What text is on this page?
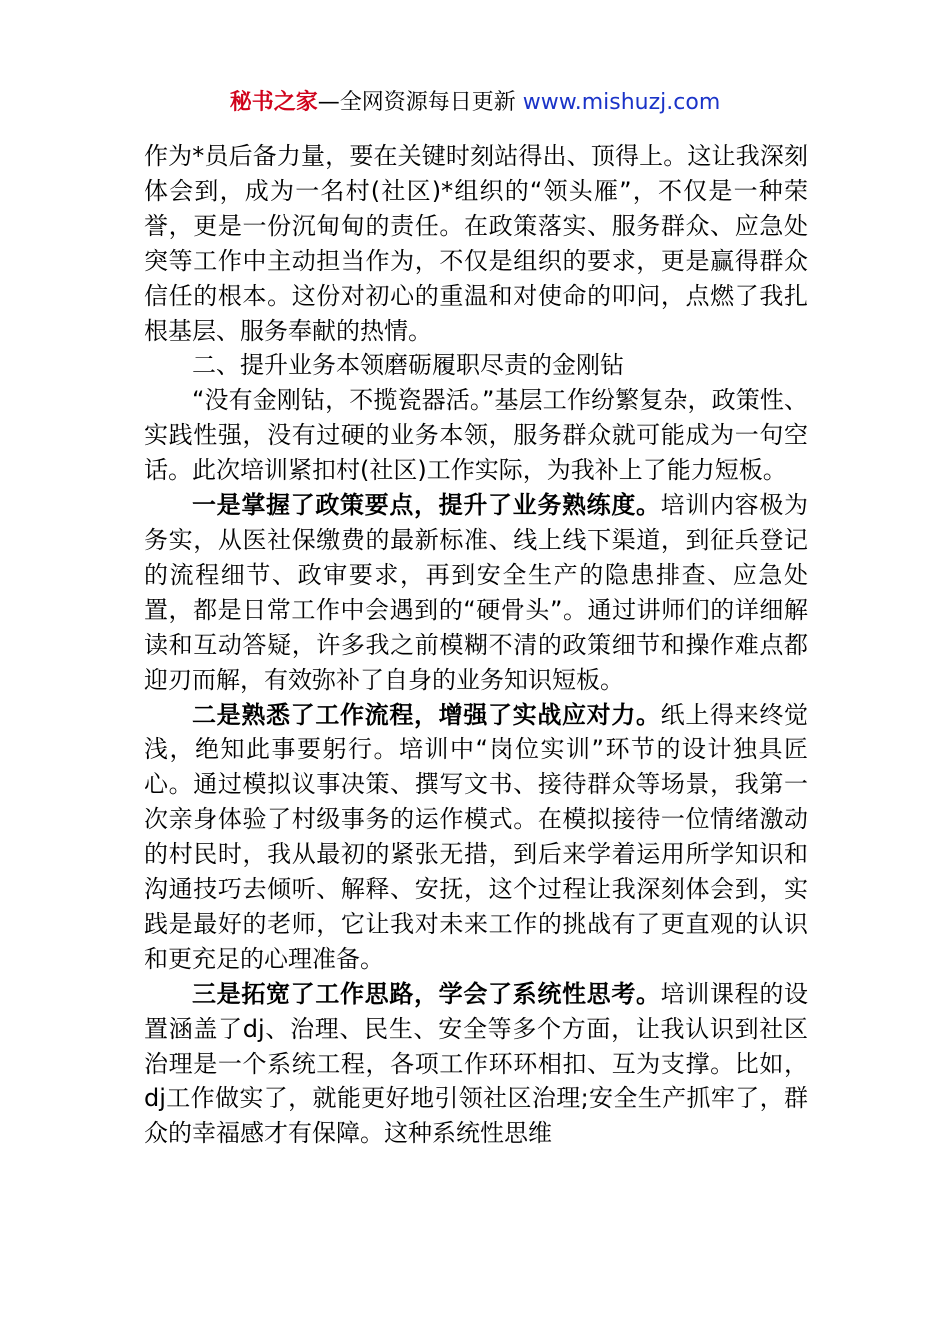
秘书之家—全网资源每日更新 www.mishuzj.com

作为*员后备力量，要在关键时刻站得出、顶得上。这让我深刻体会到，成为一名村(社区)*组织的“领头雁”，不仅是一种荣誉，更是一份沉甸甸的责任。在政策落实、服务群众、应急处突等工作中主动担当作为，不仅是组织的要求，更是赢得群众信任的根本。这份对初心的重温和对使命的叩问，点燃了我扎根基层、服务奉献的热情。

二、提升业务本领磨砺履职尽责的金刚钻

“没有金刚钻，不揽瓷器活。”基层工作纷繁复杂，政策性、实践性强，没有过硬的业务本领，服务群众就可能成为一句空话。此次培训紧扣村(社区)工作实际，为我补上了能力短板。

一是掌握了政策要点，提升了业务熟练度。培训内容极为务实，从医社保缴费的最新标准、线上线下渠道，到征兵登记的流程细节、政审要求，再到安全生产的隐患排查、应急处置，都是日常工作中会遇到的“硬骨头”。通过讲师们的详细解读和互动答疑，许多我之前模糊不清的政策细节和操作难点都迎刃而解，有效弥补了自身的业务知识短板。

二是熟悉了工作流程，增强了实战应对力。纸上得来终觉浅，绝知此事要躬行。培训中“岗位实训”环节的设计独具匠心。通过模拟议事决策、撰写文书、接待群众等场景，我第一次亲身体验了村级事务的运作模式。在模拟接待一位情绪激动的村民时，我从最初的紧张无措，到后来学着运用所学知识和沟通技巧去倾听、解释、安抚，这个过程让我深刻体会到，实践是最好的老师，它让我对未来工作的挑战有了更直观的认识和更充足的心理准备。

三是拓宽了工作思路，学会了系统性思考。培训课程的设置涵盖了dj、治理、民生、安全等多个方面，让我认识到社区治理是一个系统工程，各项工作环环相扣、互为支撑。比如，dj工作做实了，就能更好地引领社区治理;安全生产抓牢了，群众的幸福感才有保障。这种系统性思维
